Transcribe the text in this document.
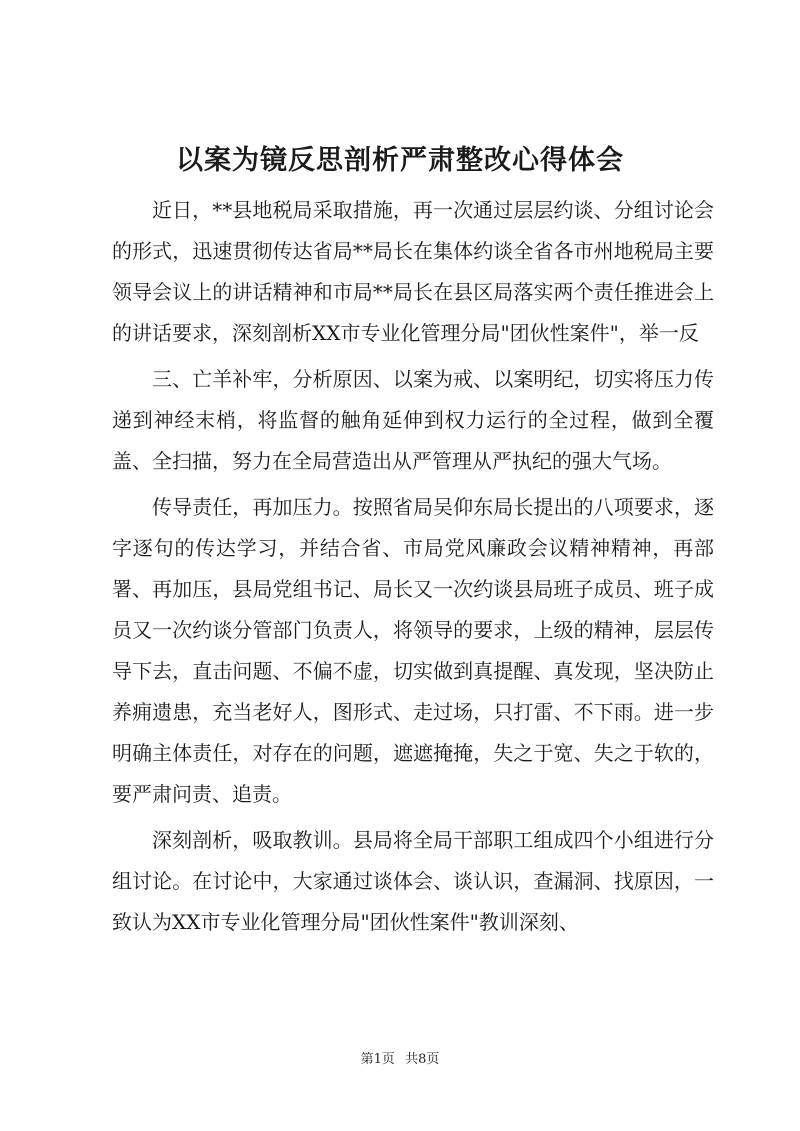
以案为镜反思剖析严肃整改心得体会

近日，**县地税局采取措施，再一次通过层层约谈、分组讨论会的形式，迅速贯彻传达省局**局长在集体约谈全省各市州地税局主要领导会议上的讲话精神和市局**局长在县区局落实两个责任推进会上的讲话要求，深刻剖析XX市专业化管理分局"团伙性案件"，举一反

三、亡羊补牢，分析原因、以案为戒、以案明纪，切实将压力传递到神经末梢，将监督的触角延伸到权力运行的全过程，做到全覆盖、全扫描，努力在全局营造出从严管理从严执纪的强大气场。

传导责任，再加压力。按照省局吴仰东局长提出的八项要求，逐字逐句的传达学习，并结合省、市局党风廉政会议精神精神，再部署、再加压，县局党组书记、局长又一次约谈县局班子成员、班子成员又一次约谈分管部门负责人，将领导的要求，上级的精神，层层传导下去，直击问题、不偏不虚，切实做到真提醒、真发现，坚决防止养痈遗患，充当老好人，图形式、走过场，只打雷、不下雨。进一步明确主体责任，对存在的问题，遮遮掩掩，失之于宽、失之于软的，要严肃问责、追责。

深刻剖析，吸取教训。县局将全局干部职工组成四个小组进行分组讨论。在讨论中，大家通过谈体会、谈认识，查漏洞、找原因，一致认为XX市专业化管理分局"团伙性案件"教训深刻、

第1页 共8页
